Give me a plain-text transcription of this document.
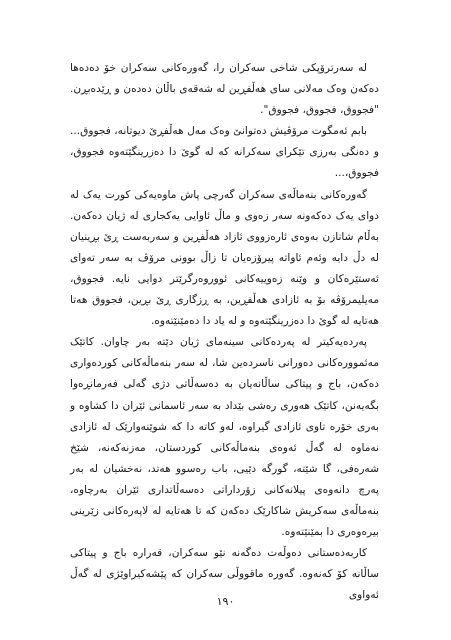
لە سەرترۆپکی شاخی سەکران را، گەورەکانی سەکران خۆ دەدەها دەکەن وەک مەلانی سای هەڵفڕین لە شەقەی باڵان دەدەن و ڕێدەبڕن. "فجووق، فجووق، فجووق".

بابم ئەمگوت مرۆڤیش دەتوانێ وەک مەل هەڵفڕێ دیوتانە، فجووق... و دەنگی بەرزی تێکرای سەکرانە کە لە گوێ دا دەزرینگێتەوە فجووق، فجووق،...

گەورەکانی بنەماڵەی سەکران گەرچی پاش ماوەیەکی کورت یەک لە دوای یەک دەکەونە سەر زەوی و ماڵ ئاوایی یەکجاری لە ژیان دەکەن. بەڵام شانازن بەوەی ئارەزووی ئازاد هەڵفڕین و سەربەست ڕێ بڕینیان لە دڵ دایە وئەم ئاواتە پیرۆزەیان تا زاڵ بوونی مرۆڤ بە سەر تەوای ئەستێرەکان و وێنە زەوییەکانی ئووروەرگرێتر دوایی نایە. فجووق، مەیلیمرۆڤە بۆ بە ئازادی هەڵفڕین، بە ڕزگاری ڕێ بڕین، فجووق هەتا هەتایە لە گوێ دا دەزرینگێتەوە و لە یاد دا دەمێنێتەوە.

پەردەیەکیتر لە پەردەکانی سینەمای ژیان دێتە بەر چاوان. کاتێک مەئموورەکانی دەورانی ناسردەین شا، لە سەر بنەماڵەکانی کوردەواری دەکەن، باج و پیتاکی ساڵانەیان بە دەسەڵاتی دژی گەلی فەرمانڕەوا بگەیەنن، کاتێک هەوری رەشی بێداد بە سەر ئاسمانی ئێران دا کشاوە و بەری خۆرە تاوی ئازادی گیراوە، لەو کاتە دا کە شوێنەوارێک لە ئازادی نەماوە لە گەڵ ئەوەی بنەماڵەکانی کوردستان، مەزنەکەنە، شێخ شەرەفی، گا شێتە، گورگە دێیی، باب رەسوو هەتد، نەخشیان لە بەر پەرچ دانەوەی پیلانەکانی زۆرداراتی دەسەڵاتداری ئێران بەرچاوە، بنەماڵەی سەکریش شاکارێک دەکەن کە تا هەتایە لە لاپەرەکانی زێرینی بیرەوەری دا بمێنێتەوە.

کاربەدەستانی دەوڵەت دەگەنە نێو سەکران، قەرارە باج و پیتاکی ساڵانە کۆ کەنەوە. گەورە ماقووڵی سەکران کە پێشەکیراوێژی لە گەڵ ئەواوی

١٩٠
